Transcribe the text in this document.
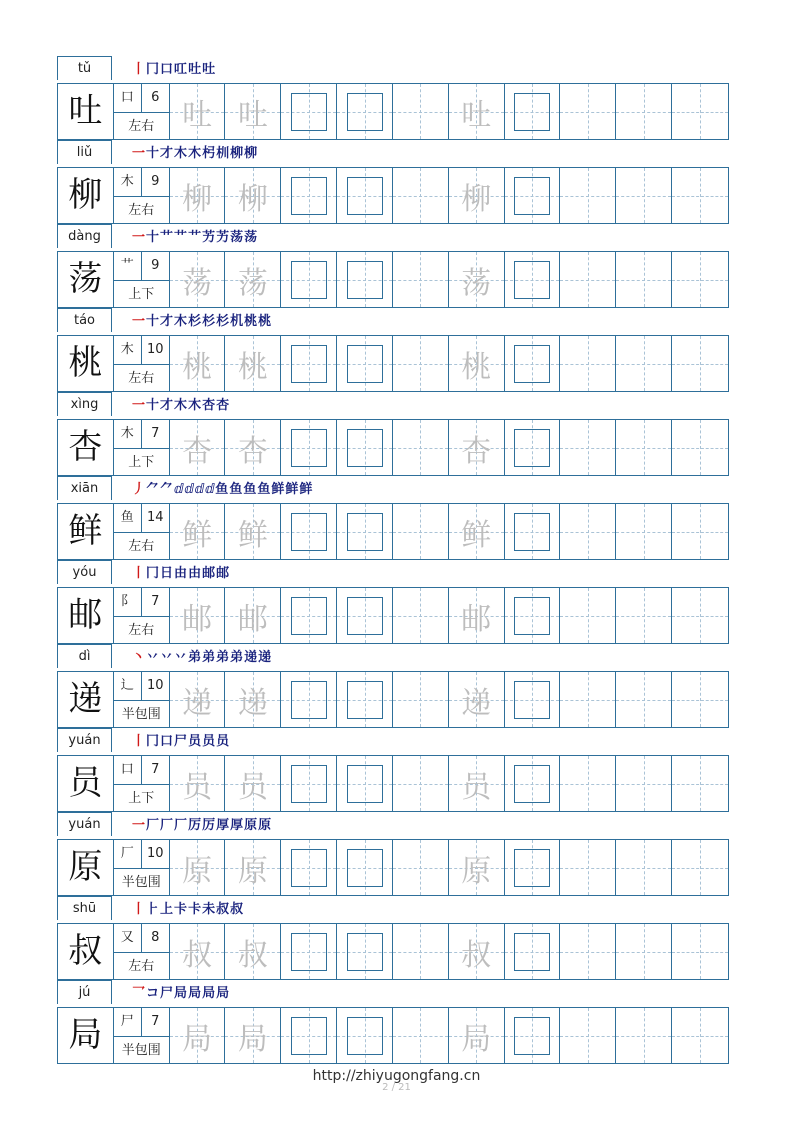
tǔ	丨冂口叿吐吐
吐	口	6
左右 吐 吐	吐
liǔ	一十才木木杛杊柳柳
柳	木	9
左右 柳 柳	柳
dàng	一十艹艹艹艻艻荡荡
荡	艹	9
上下 荡 荡	荡
táo	一十才木杉杉杉机桃桃
桃	木	10
左右 桃 桃	桃
xìng	一十才木木杏杏
杏	木	7
上下 杏 杏	杏
xiān	丿⺈⺈ⅆⅆⅆⅆ鱼鱼鱼鱼鲜鲜鲜
鲜	鱼	14
左右 鲜 鲜	鲜
yóu	丨冂日由由邮邮
邮	阝	7
左右 邮 邮	邮
dì	丶丷丷丷弟弟弟弟递递
递	辶	10
半包围 递 递	递
yuán	丨冂口尸员员员
员	口	7
上下 员 员	员
yuán	一厂厂厂厉厉厚厚原原
原	厂	10
半包围 原 原	原
shū	丨⺊上卡卡未叔叔
叔	又	8
左右 叔 叔	叔
jú	乛コ尸局局局局
局	尸	7
半包围 局 局	局
http://zhiyugongfang.cn
2 / 21
